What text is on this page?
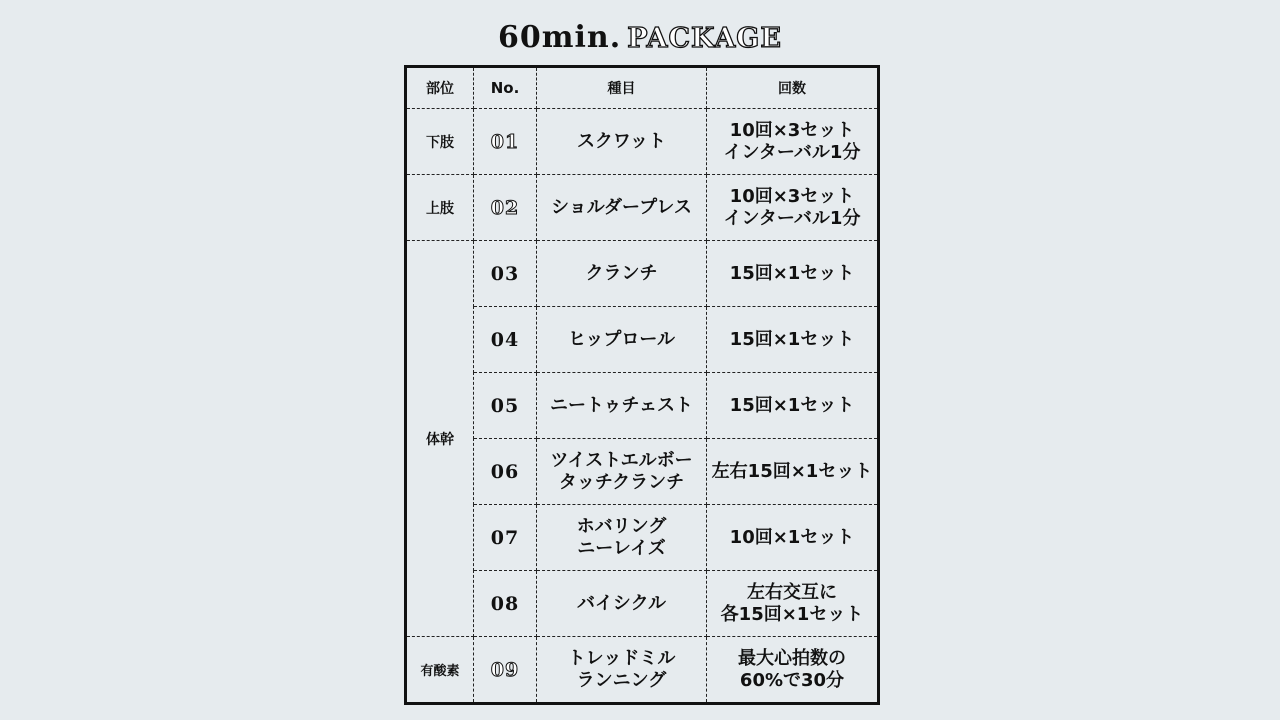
60min. PACKAGE
部位	No.	種目	回数
下肢	01	スクワット	10回×3セット
インターバル1分

上肢	02	ショルダープレス	10回×3セット
インターバル1分

体幹	03	クランチ	15回×1セット

	04	ヒップロール	15回×1セット

	05	ニートゥチェスト	15回×1セット

	06	ツイストエルボー
タッチクランチ	左右15回×1セット

	07	ホバリング
ニーレイズ	10回×1セット

	08	バイシクル	左右交互に
各15回×1セット

有酸素	09	トレッドミル
ランニング	最大心拍数の
60%で30分
